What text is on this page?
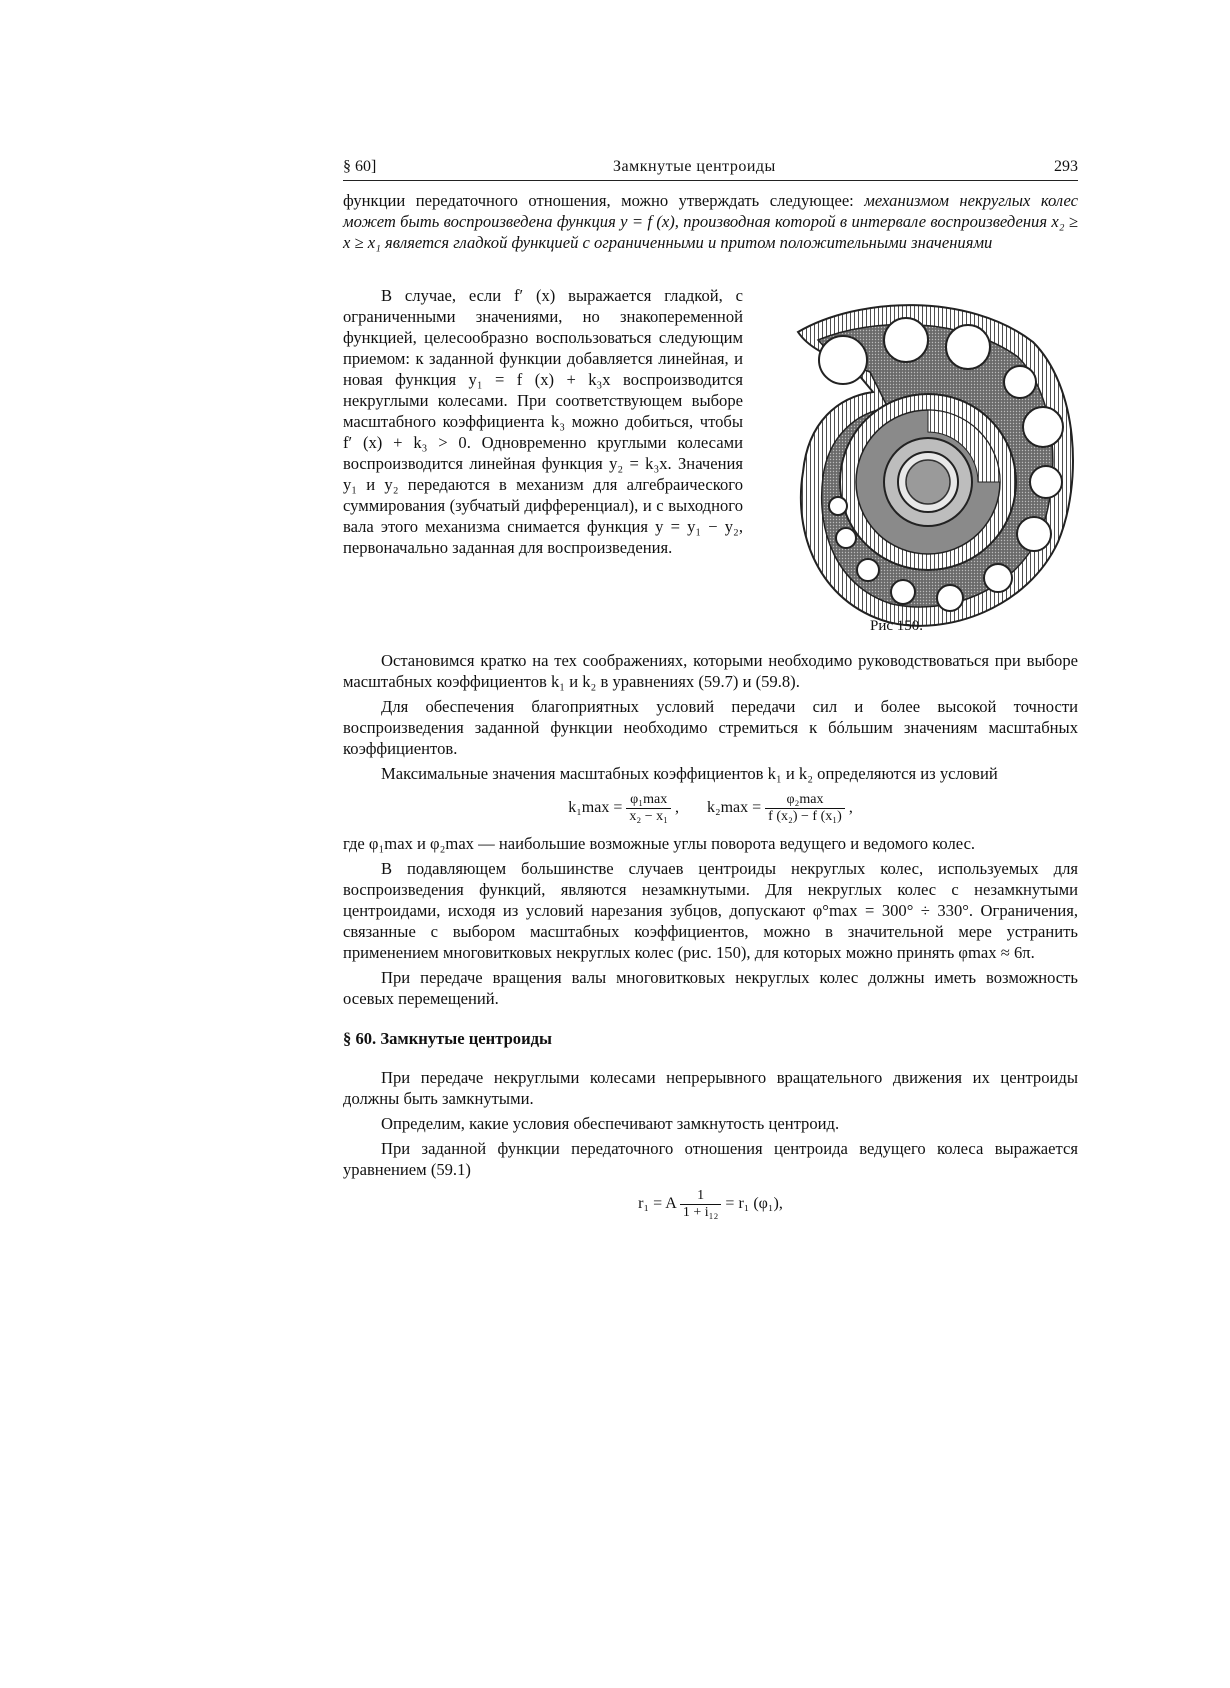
§ 60]	Замкнутые центроиды	293

функции передаточного отношения, можно утверждать следующее: механизмом некруглых колес может быть воспроизведена функция y = f (x), производная которой в интервале воспроизведения x₂ ≥ x ≥ x₁ является гладкой функцией с ограниченными и притом положительными значениями

В случае, если f′ (x) выражается гладкой, с ограниченными значениями, но знакопеременной функцией, целесообразно воспользоваться следующим приемом: к заданной функции добавляется линейная, и новая функция y₁ = f (x) + k₃x воспроизводится некруглыми колесами. При соответствующем выборе масштабного коэффициента k₃ можно добиться, чтобы f′ (x) + k₃ > 0. Одновременно круглыми колесами воспроизводится линейная функция y₂ = k₃x. Значения y₁ и y₂ передаются в механизм для алгебраического суммирования (зубчатый дифференциал), и с выходного вала этого механизма снимается функция y = y₁ − y₂, первоначально заданная для воспроизведения.

Рис 150.

Остановимся кратко на тех соображениях, которыми необходимо руководствоваться при выборе масштабных коэффициентов k₁ и k₂ в уравнениях (59.7) и (59.8).

Для обеспечения благоприятных условий передачи сил и более высокой точности воспроизведения заданной функции необходимо стремиться к бóльшим значениям масштабных коэффициентов.

Максимальные значения масштабных коэффициентов k₁ и k₂ определяются из условий

$k_1\max = \frac{\text{φ₁max}}{\text{x₂ − x₁}}$ , $k_2\max = \frac{\text{φ₂max}}{\text{f (x₂) − f (x₁)}}$ ,

где φ₁max и φ₂max — наибольшие возможные углы поворота ведущего и ведомого колес.

В подавляющем большинстве случаев центроиды некруглых колес, используемых для воспроизведения функций, являются незамкнутыми. Для некруглых колес с незамкнутыми центроидами, исходя из условий нарезания зубцов, допускают φ°max = 300° ÷ 330°. Ограничения, связанные с выбором масштабных коэффициентов, можно в значительной мере устранить применением многовитковых некруглых колес (рис. 150), для которых можно принять φmax ≈ 6π.

При передаче вращения валы многовитковых некруглых колес должны иметь возможность осевых перемещений.

§ 60. Замкнутые центроиды

При передаче некруглыми колесами непрерывного вращательного движения их центроиды должны быть замкнутыми.

Определим, какие условия обеспечивают замкнутость центроид.

При заданной функции передаточного отношения центроида ведущего колеса выражается уравнением (59.1)

r₁ = A $\frac{1}{\text{1 + i₁₂}} = r_1$ (φ₁),
